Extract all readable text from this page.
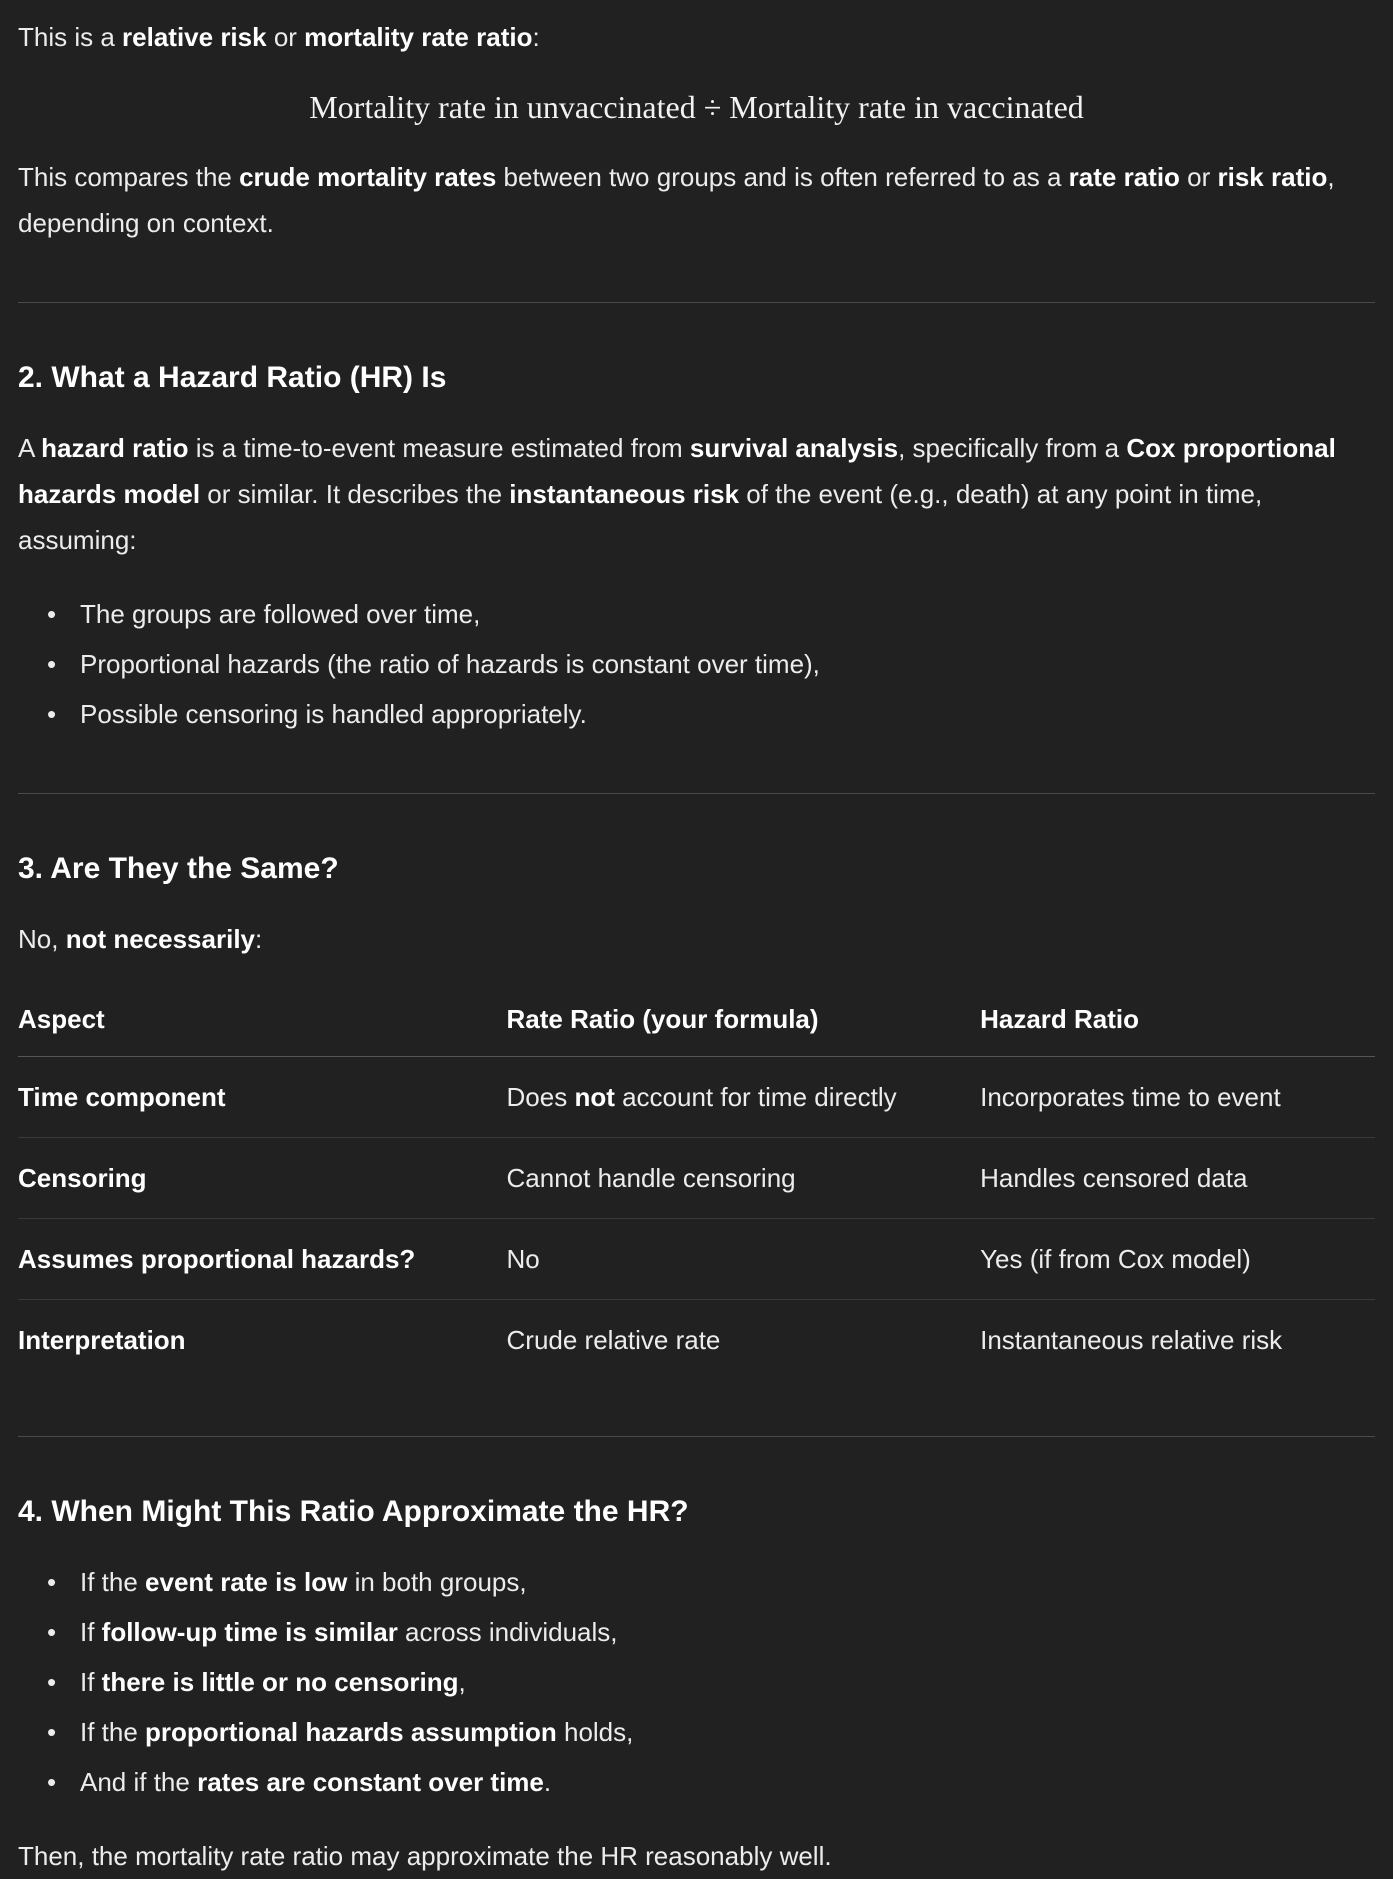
This is a relative risk or mortality rate ratio:

Mortality rate in unvaccinated ÷ Mortality rate in vaccinated

This compares the crude mortality rates between two groups and is often referred to as a rate ratio or risk ratio, depending on context.

2. What a Hazard Ratio (HR) Is

A hazard ratio is a time-to-event measure estimated from survival analysis, specifically from a Cox proportional hazards model or similar. It describes the instantaneous risk of the event (e.g., death) at any point in time, assuming:

• The groups are followed over time,
• Proportional hazards (the ratio of hazards is constant over time),
• Possible censoring is handled appropriately.
3. Are They the Same?

No, not necessarily:

Aspect	Rate Ratio (your formula)	Hazard Ratio
Time component	Does not account for time directly	Incorporates time to event
Censoring	Cannot handle censoring	Handles censored data
Assumes proportional hazards?	No	Yes (if from Cox model)
Interpretation	Crude relative rate	Instantaneous relative risk
4. When Might This Ratio Approximate the HR?
• If the event rate is low in both groups,
• If follow-up time is similar across individuals,
• If there is little or no censoring,
• If the proportional hazards assumption holds,
• And if the rates are constant over time.

Then, the mortality rate ratio may approximate the HR reasonably well.
